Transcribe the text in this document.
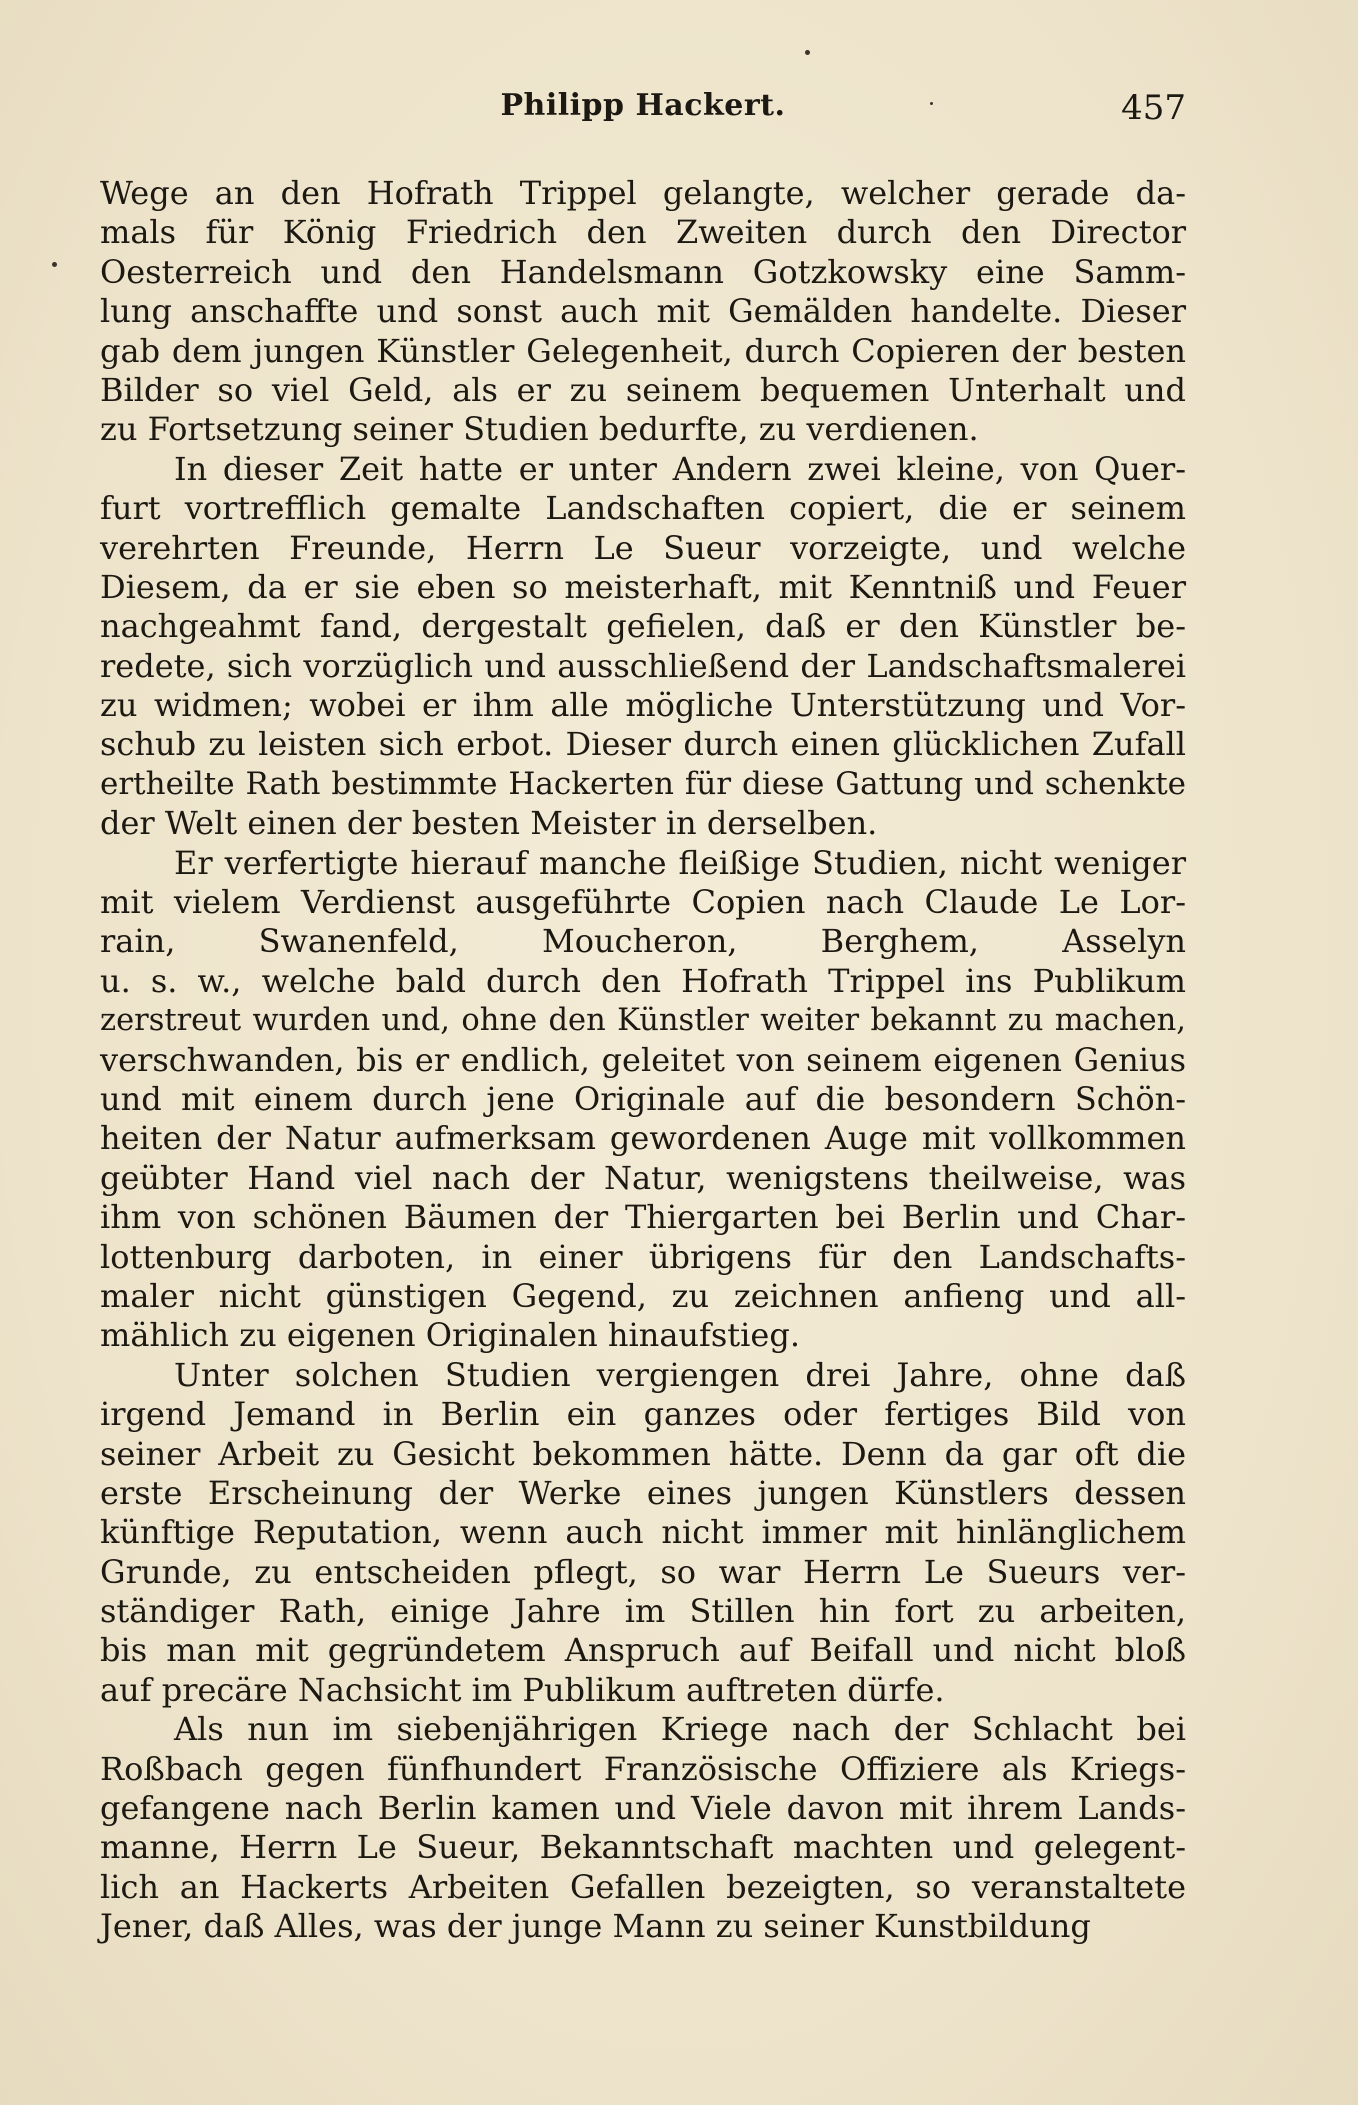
Philipp Hackert.	457
Wege an den Hofrath Trippel gelangte, welcher gerade da-
mals für König Friedrich den Zweiten durch den Director
Oesterreich und den Handelsmann Gotzkowsky eine Samm-
lung anschaffte und sonst auch mit Gemälden handelte. Dieser
gab dem jungen Künstler Gelegenheit, durch Copieren der besten
Bilder so viel Geld, als er zu seinem bequemen Unterhalt und
zu Fortsetzung seiner Studien bedurfte, zu verdienen.
In dieser Zeit hatte er unter Andern zwei kleine, von Quer-
furt vortrefflich gemalte Landschaften copiert, die er seinem
verehrten Freunde, Herrn Le Sueur vorzeigte, und welche
Diesem, da er sie eben so meisterhaft, mit Kenntniß und Feuer
nachgeahmt fand, dergestalt gefielen, daß er den Künstler be-
redete, sich vorzüglich und ausschließend der Landschaftsmalerei
zu widmen; wobei er ihm alle mögliche Unterstützung und Vor-
schub zu leisten sich erbot. Dieser durch einen glücklichen Zufall
ertheilte Rath bestimmte Hackerten für diese Gattung und schenkte
der Welt einen der besten Meister in derselben.
Er verfertigte hierauf manche fleißige Studien, nicht weniger
mit vielem Verdienst ausgeführte Copien nach Claude Le Lor-
rain, Swanenfeld, Moucheron, Berghem, Asselyn
u. s. w., welche bald durch den Hofrath Trippel ins Publikum
zerstreut wurden und, ohne den Künstler weiter bekannt zu machen,
verschwanden, bis er endlich, geleitet von seinem eigenen Genius
und mit einem durch jene Originale auf die besondern Schön-
heiten der Natur aufmerksam gewordenen Auge mit vollkommen
geübter Hand viel nach der Natur, wenigstens theilweise, was
ihm von schönen Bäumen der Thiergarten bei Berlin und Char-
lottenburg darboten, in einer übrigens für den Landschafts-
maler nicht günstigen Gegend, zu zeichnen anfieng und all-
mählich zu eigenen Originalen hinaufstieg.
Unter solchen Studien vergiengen drei Jahre, ohne daß
irgend Jemand in Berlin ein ganzes oder fertiges Bild von
seiner Arbeit zu Gesicht bekommen hätte. Denn da gar oft die
erste Erscheinung der Werke eines jungen Künstlers dessen
künftige Reputation, wenn auch nicht immer mit hinlänglichem
Grunde, zu entscheiden pflegt, so war Herrn Le Sueurs ver-
ständiger Rath, einige Jahre im Stillen hin fort zu arbeiten,
bis man mit gegründetem Anspruch auf Beifall und nicht bloß
auf precäre Nachsicht im Publikum auftreten dürfe.
Als nun im siebenjährigen Kriege nach der Schlacht bei
Roßbach gegen fünfhundert Französische Offiziere als Kriegs-
gefangene nach Berlin kamen und Viele davon mit ihrem Lands-
manne, Herrn Le Sueur, Bekanntschaft machten und gelegent-
lich an Hackerts Arbeiten Gefallen bezeigten, so veranstaltete
Jener, daß Alles, was der junge Mann zu seiner Kunstbildung
